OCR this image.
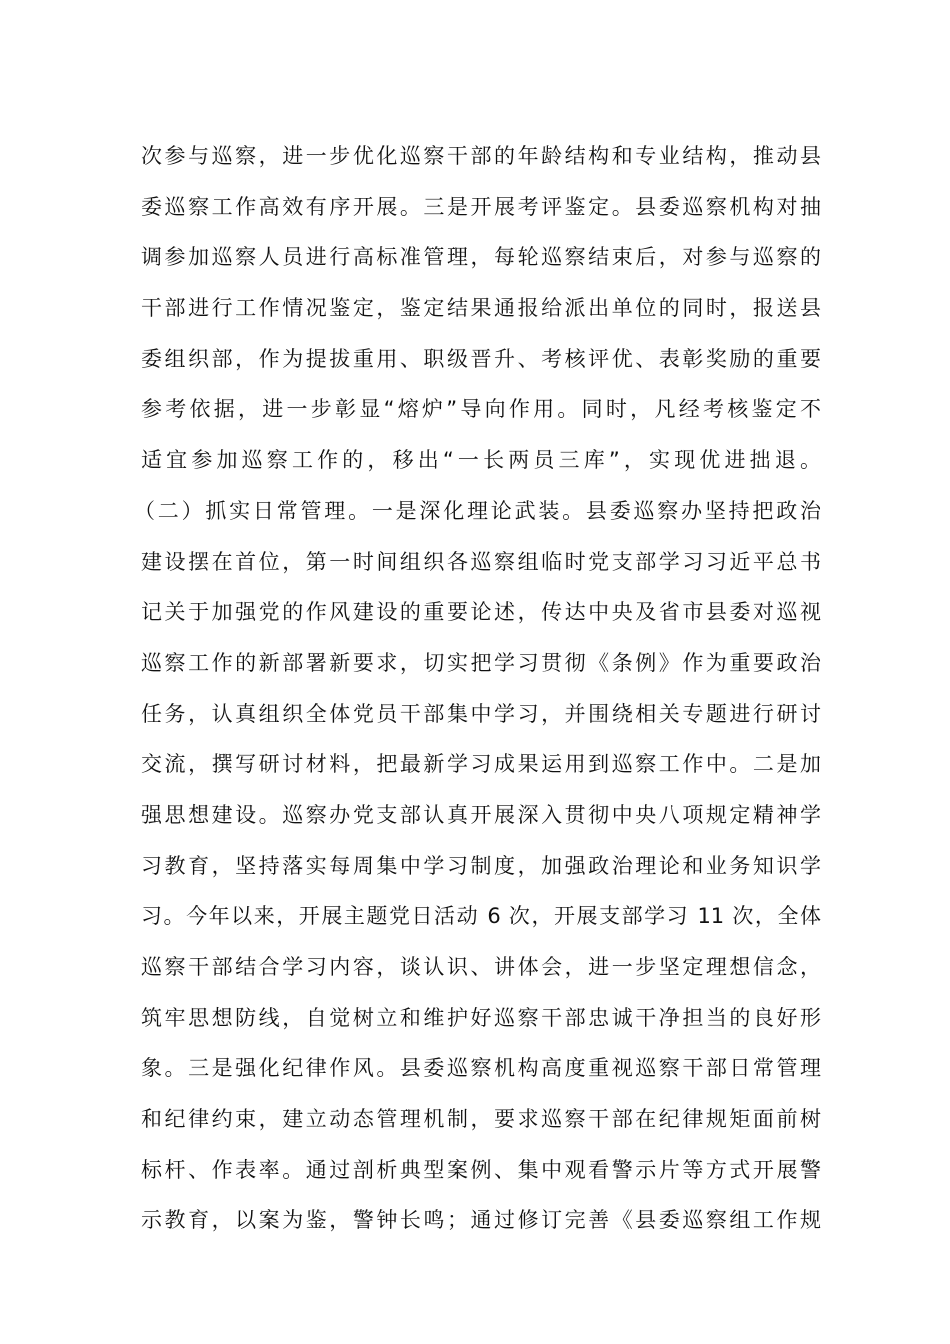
次参与巡察，进一步优化巡察干部的年龄结构和专业结构，推动县
委巡察工作高效有序开展。三是开展考评鉴定。县委巡察机构对抽
调参加巡察人员进行高标准管理，每轮巡察结束后，对参与巡察的
干部进行工作情况鉴定，鉴定结果通报给派出单位的同时，报送县
委组织部，作为提拔重用、职级晋升、考核评优、表彰奖励的重要
参考依据，进一步彰显“熔炉”导向作用。同时，凡经考核鉴定不
适宜参加巡察工作的，移出“一长两员三库”，实现优进拙退。
（二）抓实日常管理。一是深化理论武装。县委巡察办坚持把政治
建设摆在首位，第一时间组织各巡察组临时党支部学习习近平总书
记关于加强党的作风建设的重要论述，传达中央及省市县委对巡视
巡察工作的新部署新要求，切实把学习贯彻《条例》作为重要政治
任务，认真组织全体党员干部集中学习，并围绕相关专题进行研讨
交流，撰写研讨材料，把最新学习成果运用到巡察工作中。二是加
强思想建设。巡察办党支部认真开展深入贯彻中央八项规定精神学
习教育，坚持落实每周集中学习制度，加强政治理论和业务知识学
习。今年以来，开展主题党日活动 6 次，开展支部学习 11 次，全体
巡察干部结合学习内容，谈认识、讲体会，进一步坚定理想信念，
筑牢思想防线，自觉树立和维护好巡察干部忠诚干净担当的良好形
象。三是强化纪律作风。县委巡察机构高度重视巡察干部日常管理
和纪律约束，建立动态管理机制，要求巡察干部在纪律规矩面前树
标杆、作表率。通过剖析典型案例、集中观看警示片等方式开展警
示教育，以案为鉴，警钟长鸣；通过修订完善《县委巡察组工作规
